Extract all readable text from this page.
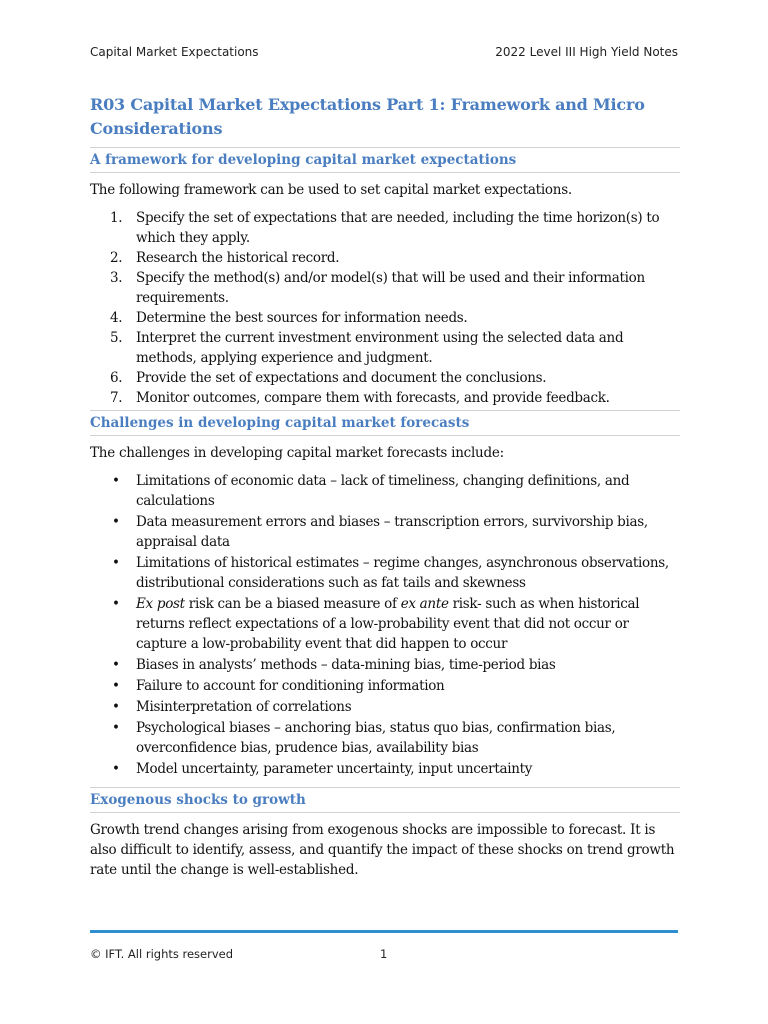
Capital Market Expectations	2022 Level III High Yield Notes
R03 Capital Market Expectations Part 1: Framework and Micro Considerations
A framework for developing capital market expectations

The following framework can be used to set capital market expectations.

1. Specify the set of expectations that are needed, including the time horizon(s) to which they apply.
2. Research the historical record.
3. Specify the method(s) and/or model(s) that will be used and their information requirements.
4. Determine the best sources for information needs.
5. Interpret the current investment environment using the selected data and methods, applying experience and judgment.
6. Provide the set of expectations and document the conclusions.
7. Monitor outcomes, compare them with forecasts, and provide feedback.
Challenges in developing capital market forecasts

The challenges in developing capital market forecasts include:

• Limitations of economic data – lack of timeliness, changing definitions, and calculations
• Data measurement errors and biases – transcription errors, survivorship bias, appraisal data
• Limitations of historical estimates – regime changes, asynchronous observations, distributional considerations such as fat tails and skewness
• Ex post risk can be a biased measure of ex ante risk- such as when historical returns reflect expectations of a low-probability event that did not occur or capture a low-probability event that did happen to occur
• Biases in analysts’ methods – data-mining bias, time-period bias
• Failure to account for conditioning information
• Misinterpretation of correlations
• Psychological biases – anchoring bias, status quo bias, confirmation bias, overconfidence bias, prudence bias, availability bias
• Model uncertainty, parameter uncertainty, input uncertainty
Exogenous shocks to growth

Growth trend changes arising from exogenous shocks are impossible to forecast. It is also difficult to identify, assess, and quantify the impact of these shocks on trend growth rate until the change is well-established.

© IFT. All rights reserved	1
